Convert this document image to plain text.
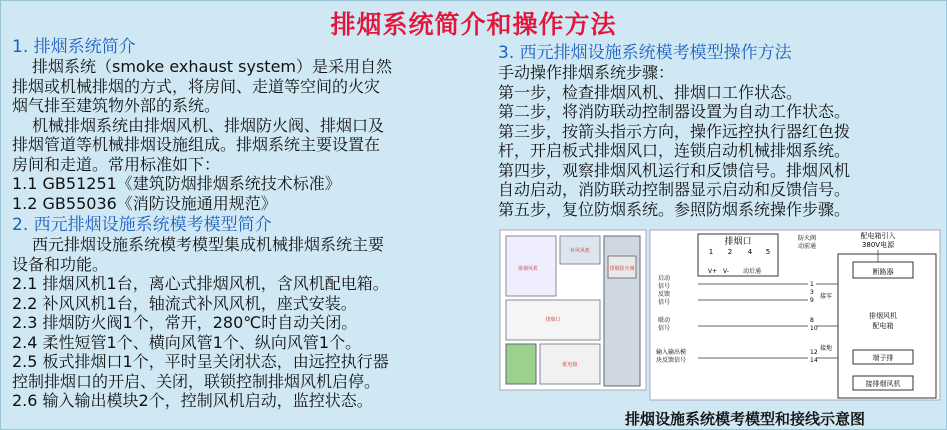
排烟系统简介和操作方法

1. 排烟系统简介

排烟系统（smoke exhaust system）是采用自然

排烟或机械排烟的方式，将房间、走道等空间的火灾

烟气排至建筑物外部的系统。

机械排烟系统由排烟风机、排烟防火阀、排烟口及

排烟管道等机械排烟设施组成。排烟系统主要设置在

房间和走道。常用标准如下：

1.1 GB51251《建筑防烟排烟系统技术标准》

1.2 GB55036《消防设施通用规范》

2. 西元排烟设施系统模考模型简介

西元排烟设施系统模考模型集成机械排烟系统主要

设备和功能。

2.1 排烟风机1台，离心式排烟风机，含风机配电箱。

2.2 补风风机1台，轴流式补风风机，座式安装。

2.3 排烟防火阀1个，常开，280℃时自动关闭。

2.4 柔性短管1个、横向风管1个、纵向风管1个。

2.5 板式排烟口1个，平时呈关闭状态，由远控执行器

控制排烟口的开启、关闭，联锁控制排烟风机启停。

2.6 输入输出模块2个，控制风机启动，监控状态。

3. 西元排烟设施系统模考模型操作方法

手动操作排烟系统步骤：

第一步，检查排烟风机、排烟口工作状态。

第二步，将消防联动控制器设置为自动工作状态。

第三步，按箭头指示方向，操作远控执行器红色拨

杆，开启板式排烟风口，连锁启动机械排烟系统。

第四步，观察排烟风机运行和反馈信号。排烟风机

自动启动，消防联动控制器显示启动和反馈信号。

第五步，复位防烟系统。参照防烟系统操作步骤。

排烟风机
补风风机
排烟防火阀
排烟口
配电箱
排烟口
1 2 4 5
V+ V- 动后通
防火阀
动前通
配电箱引入
380V电源
断路器
排烟风机
配电箱
端子排
接排烟风机
接零
接地
启动
信号
反馈
信号
联动
信号
输入输出模
块反馈信号
1
3
9
8
10
12
14
排烟设施系统模考模型和接线示意图
